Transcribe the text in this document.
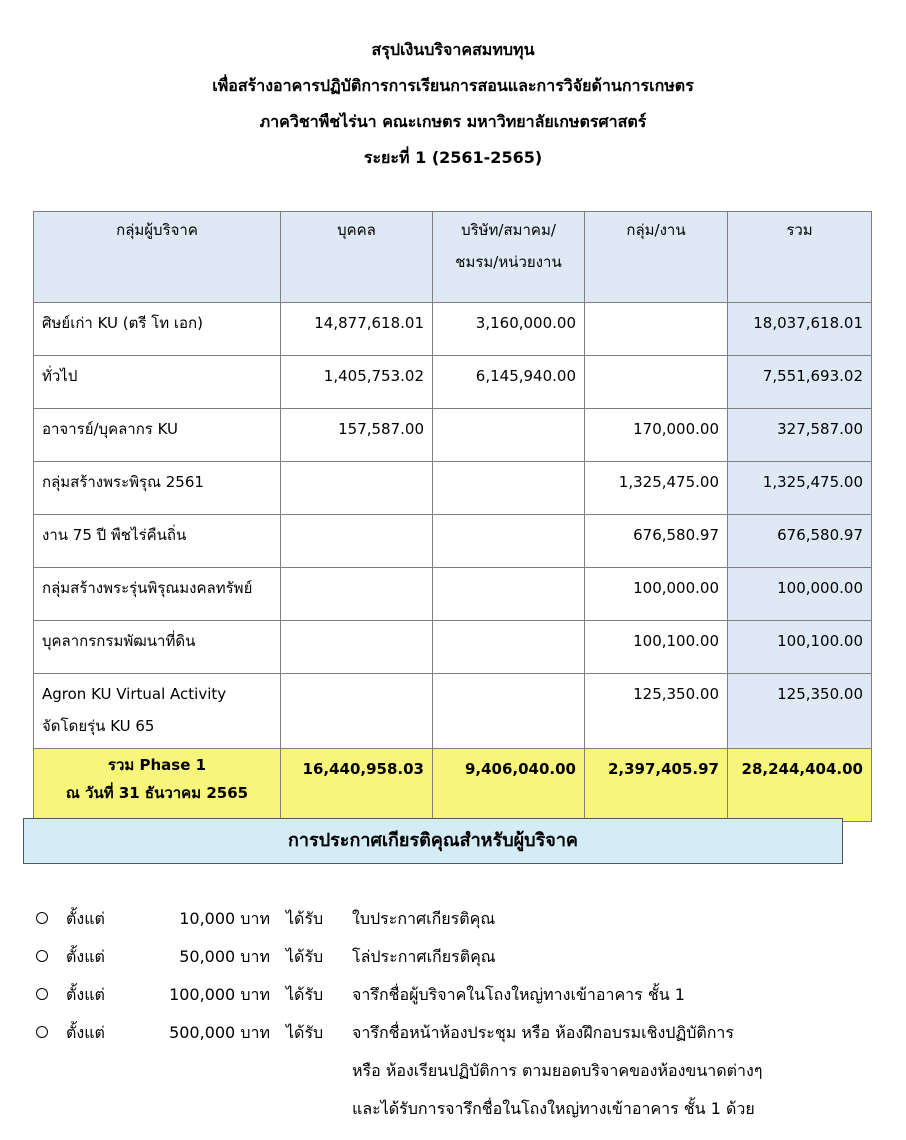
สรุปเงินบริจาคสมทบทุน
เพื่อสร้างอาคารปฏิบัติการการเรียนการสอนและการวิจัยด้านการเกษตร
ภาควิชาพืชไร่นา คณะเกษตร มหาวิทยาลัยเกษตรศาสตร์
ระยะที่ 1 (2561-2565)
กลุ่มผู้บริจาค	บุคคล	บริษัท/สมาคม/
ชมรม/หน่วยงาน	กลุ่ม/งาน	รวม
ศิษย์เก่า KU (ตรี โท เอก)	14,877,618.01	3,160,000.00		18,037,618.01
ทั่วไป	1,405,753.02	6,145,940.00		7,551,693.02
อาจารย์/บุคลากร KU	157,587.00		170,000.00	327,587.00
กลุ่มสร้างพระพิรุณ 2561			1,325,475.00	1,325,475.00
งาน 75 ปี พืชไร่คืนถิ่น			676,580.97	676,580.97
กลุ่มสร้างพระรุ่นพิรุณมงคลทรัพย์			100,000.00	100,000.00
บุคลากรกรมพัฒนาที่ดิน			100,100.00	100,100.00

Agron KU Virtual Activity
จัดโดยรุ่น KU 65			125,350.00	125,350.00

รวม Phase 1
ณ วันที่ 31 ธันวาคม 2565	16,440,958.03	9,406,040.00	2,397,405.97	28,244,404.00
การประกาศเกียรติคุณสำหรับผู้บริจาค
ตั้งแต่	10,000 บาท ได้รับ ใบประกาศเกียรติคุณ
ตั้งแต่	50,000 บาท ได้รับ โล่ประกาศเกียรติคุณ
ตั้งแต่	100,000 บาท ได้รับ จารึกชื่อผู้บริจาคในโถงใหญ่ทางเข้าอาคาร ชั้น 1
ตั้งแต่	500,000 บาท ได้รับ จารึกชื่อหน้าห้องประชุม หรือ ห้องฝึกอบรมเชิงปฏิบัติการ
หรือ ห้องเรียนปฏิบัติการ ตามยอดบริจาคของห้องขนาดต่างๆ
และได้รับการจารึกชื่อในโถงใหญ่ทางเข้าอาคาร ชั้น 1 ด้วย
